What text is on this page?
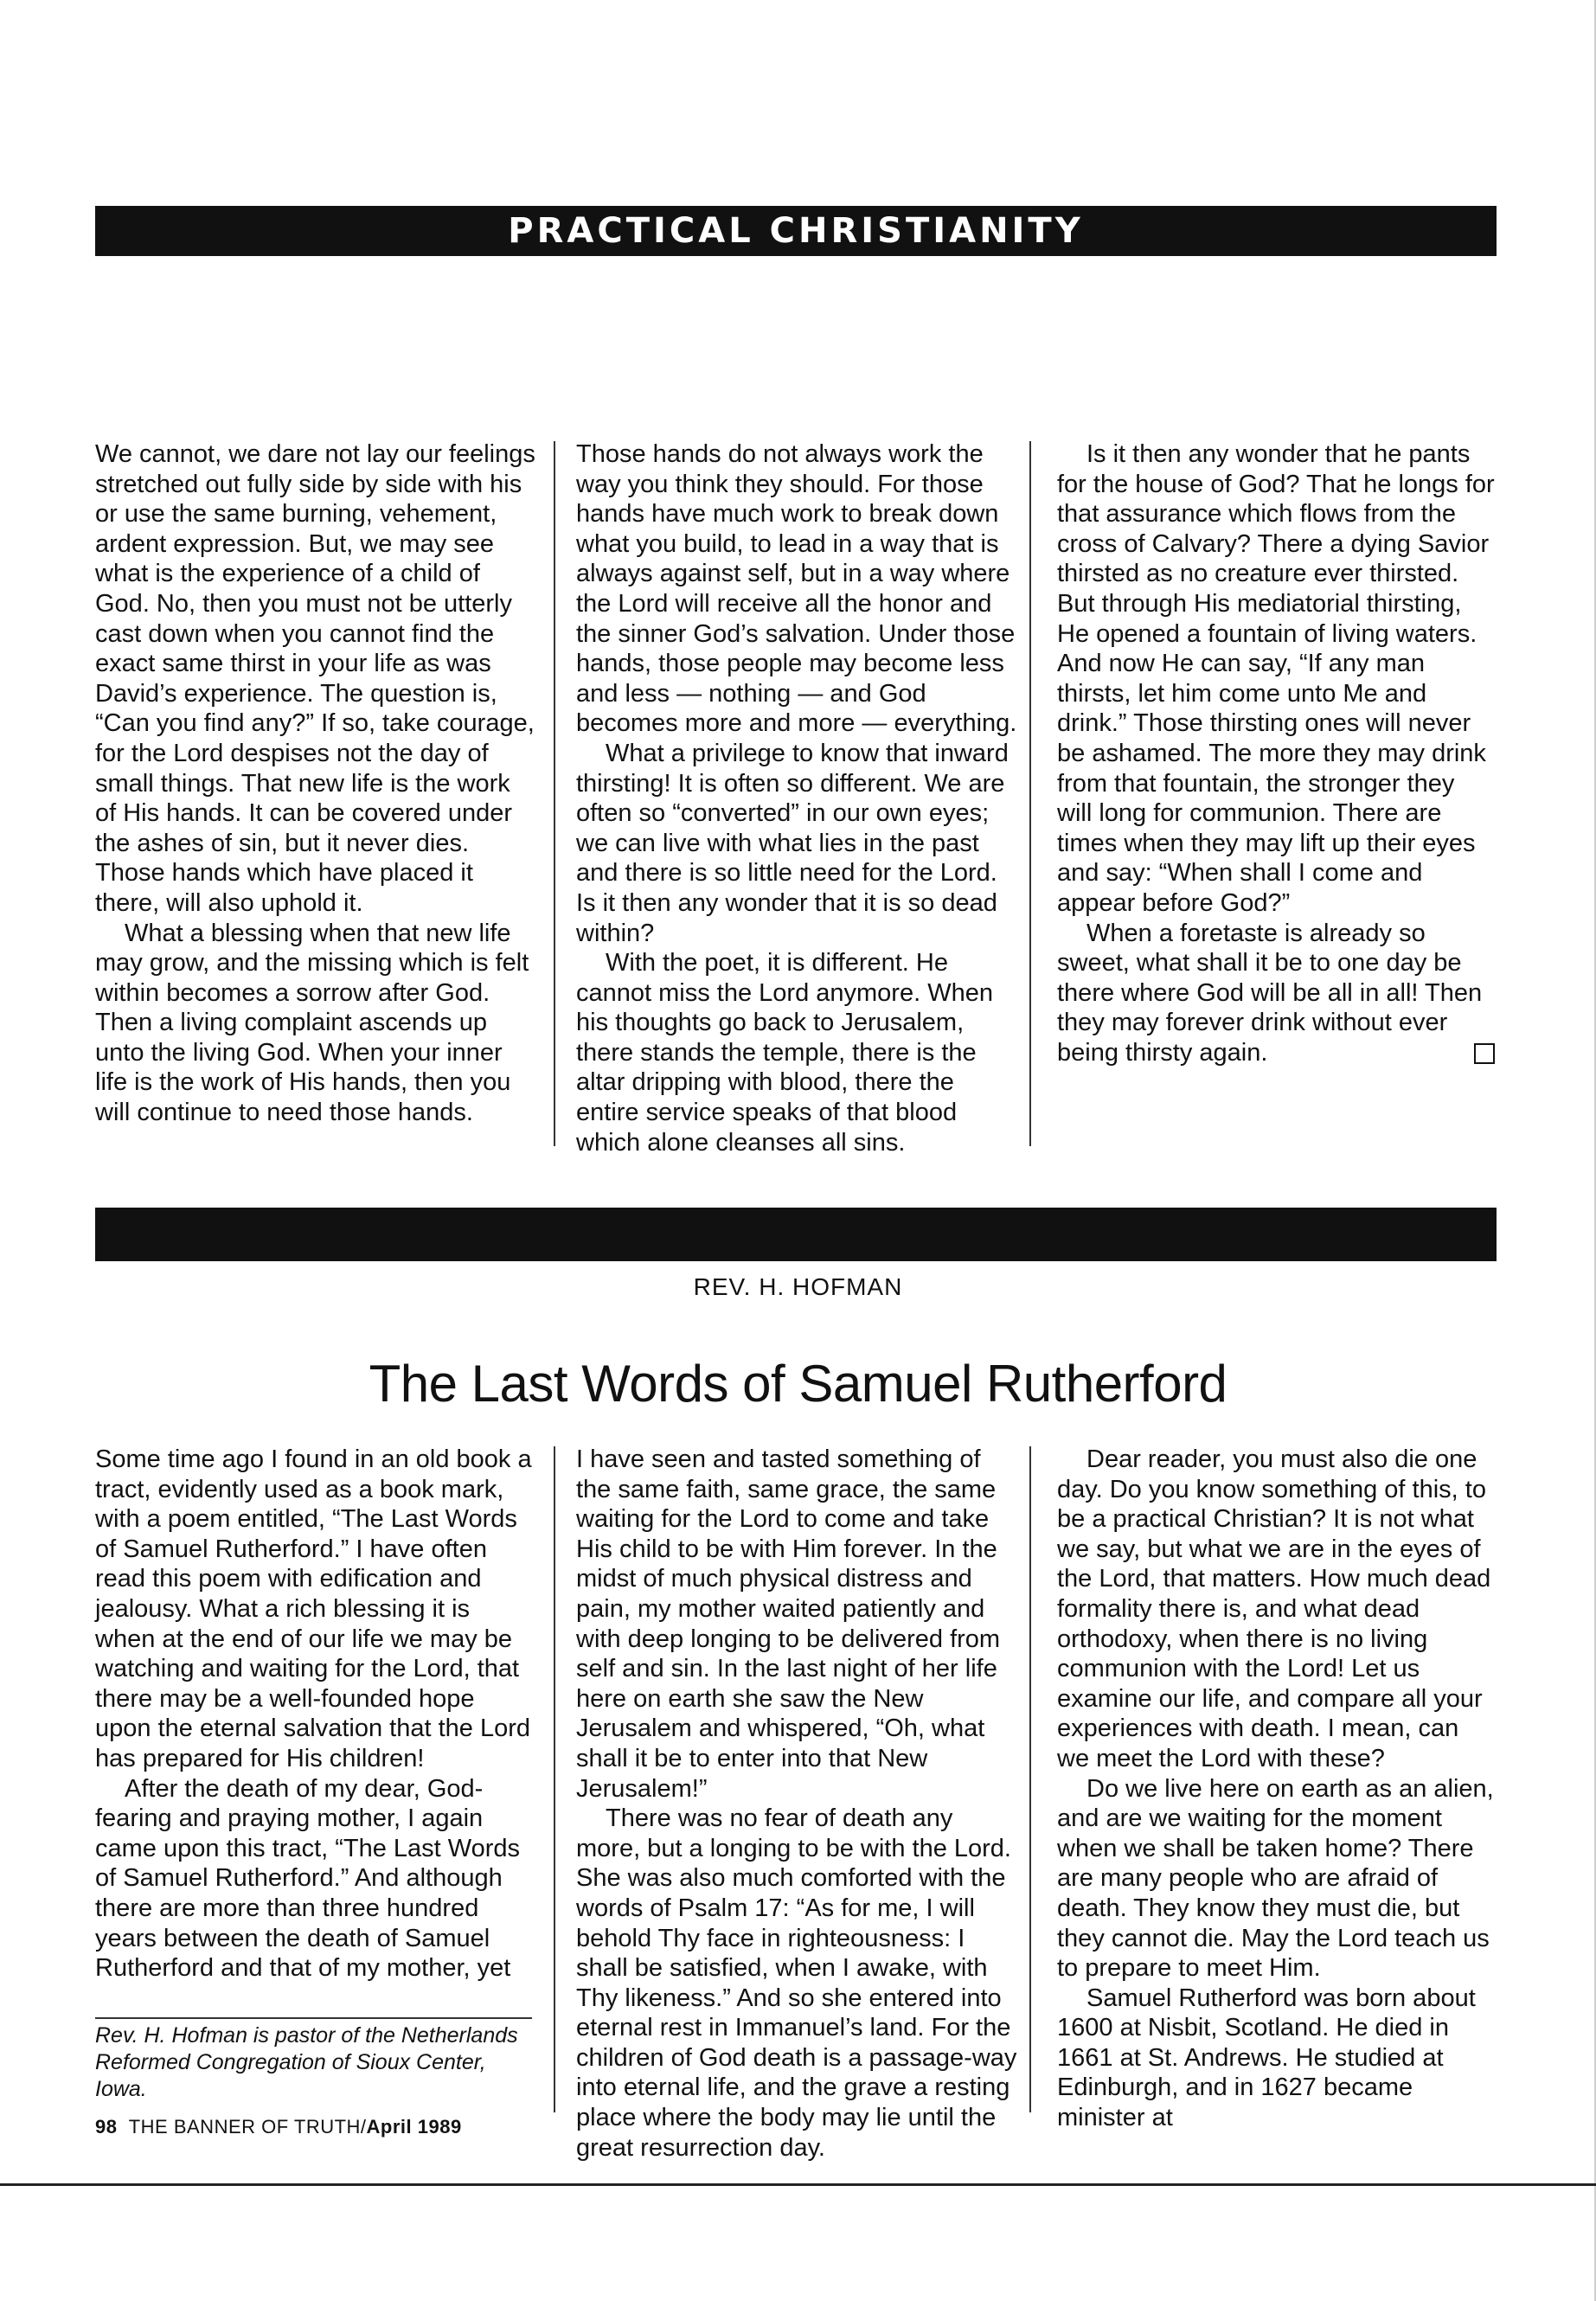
PRACTICAL CHRISTIANITY

We cannot, we dare not lay our feelings stretched out fully side by side with his or use the same burning, vehement, ardent expression. But, we may see what is the experience of a child of God. No, then you must not be utterly cast down when you cannot find the exact same thirst in your life as was David’s experience. The question is, “Can you find any?” If so, take courage, for the Lord despises not the day of small things. That new life is the work of His hands. It can be covered under the ashes of sin, but it never dies. Those hands which have placed it there, will also uphold it.

What a blessing when that new life may grow, and the missing which is felt within becomes a sorrow after God. Then a living complaint ascends up unto the living God. When your inner life is the work of His hands, then you will continue to need those hands.

Those hands do not always work the way you think they should. For those hands have much work to break down what you build, to lead in a way that is always against self, but in a way where the Lord will receive all the honor and the sinner God’s salvation. Under those hands, those people may become less and less — nothing — and God becomes more and more — everything.

What a privilege to know that inward thirsting! It is often so different. We are often so “converted” in our own eyes; we can live with what lies in the past and there is so little need for the Lord. Is it then any wonder that it is so dead within?

With the poet, it is different. He cannot miss the Lord anymore. When his thoughts go back to Jerusalem, there stands the temple, there is the altar dripping with blood, there the entire service speaks of that blood which alone cleanses all sins.

Is it then any wonder that he pants for the house of God? That he longs for that assurance which flows from the cross of Calvary? There a dying Savior thirsted as no creature ever thirsted. But through His mediatorial thirsting, He opened a fountain of living waters. And now He can say, “If any man thirsts, let him come unto Me and drink.” Those thirsting ones will never be ashamed. The more they may drink from that fountain, the stronger they will long for communion. There are times when they may lift up their eyes and say: “When shall I come and appear before God?”

When a foretaste is already so sweet, what shall it be to one day be there where God will be all in all! Then they may forever drink without ever being thirsty again.

REV. H. HOFMAN
The Last Words of Samuel Rutherford

Some time ago I found in an old book a tract, evidently used as a book mark, with a poem entitled, “The Last Words of Samuel Rutherford.” I have often read this poem with edification and jealousy. What a rich blessing it is when at the end of our life we may be watching and waiting for the Lord, that there may be a well-founded hope upon the eternal salvation that the Lord has prepared for His children!

After the death of my dear, God-fearing and praying mother, I again came upon this tract, “The Last Words of Samuel Rutherford.” And although there are more than three hundred years between the death of Samuel Rutherford and that of my mother, yet

I have seen and tasted something of the same faith, same grace, the same waiting for the Lord to come and take His child to be with Him forever. In the midst of much physical distress and pain, my mother waited patiently and with deep longing to be delivered from self and sin. In the last night of her life here on earth she saw the New Jerusalem and whispered, “Oh, what shall it be to enter into that New Jerusalem!”

There was no fear of death any more, but a longing to be with the Lord. She was also much comforted with the words of Psalm 17: “As for me, I will behold Thy face in righteousness: I shall be satisfied, when I awake, with Thy likeness.” And so she entered into eternal rest in Immanuel’s land. For the children of God death is a passage-way into eternal life, and the grave a resting place where the body may lie until the great resurrection day.

Dear reader, you must also die one day. Do you know something of this, to be a practical Christian? It is not what we say, but what we are in the eyes of the Lord, that matters. How much dead formality there is, and what dead orthodoxy, when there is no living communion with the Lord! Let us examine our life, and compare all your experiences with death. I mean, can we meet the Lord with these?

Do we live here on earth as an alien, and are we waiting for the moment when we shall be taken home? There are many people who are afraid of death. They know they must die, but they cannot die. May the Lord teach us to prepare to meet Him.

Samuel Rutherford was born about 1600 at Nisbit, Scotland. He died in 1661 at St. Andrews. He studied at Edinburgh, and in 1627 became minister at

Rev. H. Hofman is pastor of the Netherlands Reformed Congregation of Sioux Center, Iowa.

98 THE BANNER OF TRUTH/April 1989
